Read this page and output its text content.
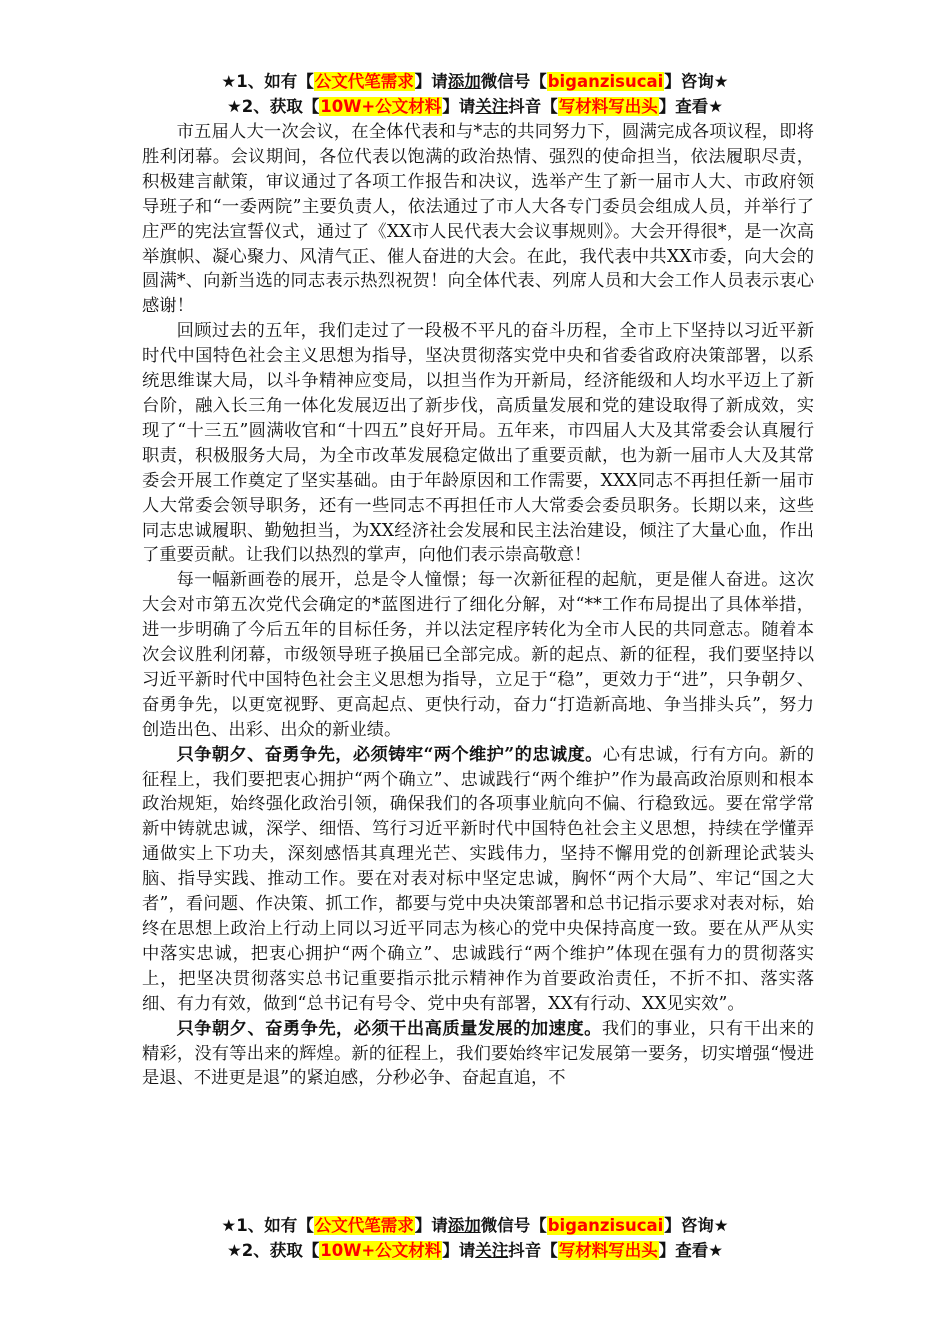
★1、如有【公文代笔需求】请添加微信号【biganzisucai】咨询★
★2、获取【10W+公文材料】请关注抖音【写材料写出头】查看★

市五届人大一次会议，在全体代表和与*志的共同努力下，圆满完成各项议程，即将胜利闭幕。会议期间，各位代表以饱满的政治热情、强烈的使命担当，依法履职尽责，积极建言献策，审议通过了各项工作报告和决议，选举产生了新一届市人大、市政府领导班子和“一委两院”主要负责人，依法通过了市人大各专门委员会组成人员，并举行了庄严的宪法宣誓仪式，通过了《XX市人民代表大会议事规则》。大会开得很*，是一次高举旗帜、凝心聚力、风清气正、催人奋进的大会。在此，我代表中共XX市委，向大会的圆满*、向新当选的同志表示热烈祝贺！向全体代表、列席人员和大会工作人员表示衷心感谢！

回顾过去的五年，我们走过了一段极不平凡的奋斗历程，全市上下坚持以习近平新时代中国特色社会主义思想为指导，坚决贯彻落实党中央和省委省政府决策部署，以系统思维谋大局，以斗争精神应变局，以担当作为开新局，经济能级和人均水平迈上了新台阶，融入长三角一体化发展迈出了新步伐，高质量发展和党的建设取得了新成效，实现了“十三五”圆满收官和“十四五”良好开局。五年来，市四届人大及其常委会认真履行职责，积极服务大局，为全市改革发展稳定做出了重要贡献，也为新一届市人大及其常委会开展工作奠定了坚实基础。由于年龄原因和工作需要，XXX同志不再担任新一届市人大常委会领导职务，还有一些同志不再担任市人大常委会委员职务。长期以来，这些同志忠诚履职、勤勉担当，为XX经济社会发展和民主法治建设，倾注了大量心血，作出了重要贡献。让我们以热烈的掌声，向他们表示崇高敬意！

每一幅新画卷的展开，总是令人憧憬；每一次新征程的起航，更是催人奋进。这次大会对市第五次党代会确定的*蓝图进行了细化分解，对“**工作布局提出了具体举措，进一步明确了今后五年的目标任务，并以法定程序转化为全市人民的共同意志。随着本次会议胜利闭幕，市级领导班子换届已全部完成。新的起点、新的征程，我们要坚持以习近平新时代中国特色社会主义思想为指导，立足于“稳”，更效力于“进”，只争朝夕、奋勇争先，以更宽视野、更高起点、更快行动，奋力“打造新高地、争当排头兵”，努力创造出色、出彩、出众的新业绩。

只争朝夕、奋勇争先，必须铸牢“两个维护”的忠诚度。心有忠诚，行有方向。新的征程上，我们要把衷心拥护“两个确立”、忠诚践行“两个维护”作为最高政治原则和根本政治规矩，始终强化政治引领，确保我们的各项事业航向不偏、行稳致远。要在常学常新中铸就忠诚，深学、细悟、笃行习近平新时代中国特色社会主义思想，持续在学懂弄通做实上下功夫，深刻感悟其真理光芒、实践伟力，坚持不懈用党的创新理论武装头脑、指导实践、推动工作。要在对表对标中坚定忠诚，胸怀“两个大局”、牢记“国之大者”，看问题、作决策、抓工作，都要与党中央决策部署和总书记指示要求对表对标，始终在思想上政治上行动上同以习近平同志为核心的党中央保持高度一致。要在从严从实中落实忠诚，把衷心拥护“两个确立”、忠诚践行“两个维护”体现在强有力的贯彻落实上，把坚决贯彻落实总书记重要指示批示精神作为首要政治责任，不折不扣、落实落细、有力有效，做到“总书记有号令、党中央有部署，XX有行动、XX见实效”。

只争朝夕、奋勇争先，必须干出高质量发展的加速度。我们的事业，只有干出来的精彩，没有等出来的辉煌。新的征程上，我们要始终牢记发展第一要务，切实增强“慢进是退、不进更是退”的紧迫感，分秒必争、奋起直追，不

★1、如有【公文代笔需求】请添加微信号【biganzisucai】咨询★
★2、获取【10W+公文材料】请关注抖音【写材料写出头】查看★
